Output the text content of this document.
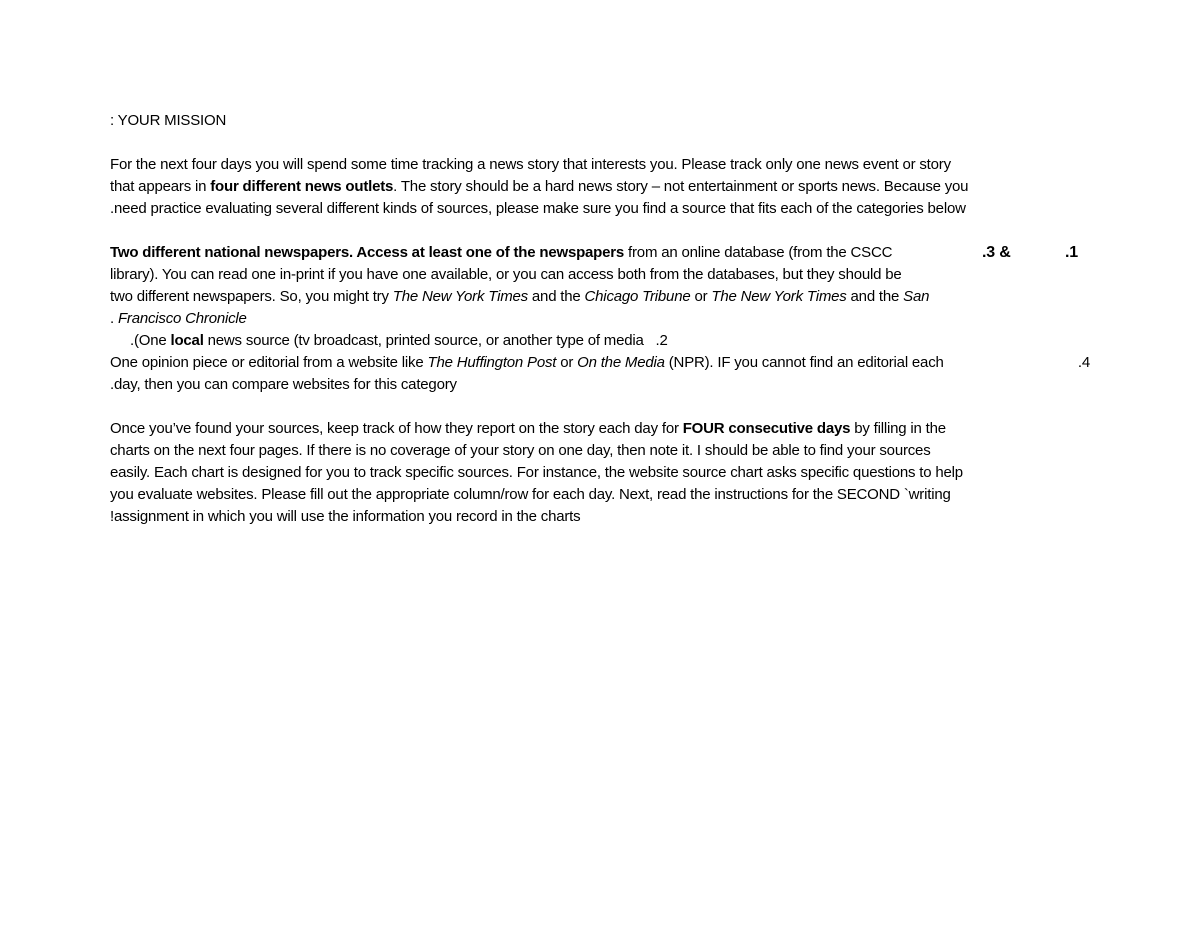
: YOUR MISSION
For the next four days you will spend some time tracking a news story that interests you. Please track only one news event or story
that appears in four different news outlets. The story should be a hard news story – not entertainment or sports news. Because you
.need practice evaluating several different kinds of sources, please make sure you find a source that fits each of the categories below
Two different national newspapers. Access at least one of the newspapers from an online database (from the CSCC	.3 &	.1
library). You can read one in-print if you have one available, or you can access both from the databases, but they should be
two different newspapers. So, you might try The New York Times and the Chicago Tribune or The New York Times and the San
. Francisco Chronicle
.(One local news source (tv broadcast, printed source, or another type of media .2
One opinion piece or editorial from a website like The Huffington Post or On the Media (NPR). IF you cannot find an editorial each	.4
.day, then you can compare websites for this category
Once you’ve found your sources, keep track of how they report on the story each day for FOUR consecutive days by filling in the
charts on the next four pages. If there is no coverage of your story on one day, then note it. I should be able to find your sources
easily. Each chart is designed for you to track specific sources. For instance, the website source chart asks specific questions to help
you evaluate websites. Please fill out the appropriate column/row for each day. Next, read the instructions for the SECOND `writing
!assignment in which you will use the information you record in the charts
